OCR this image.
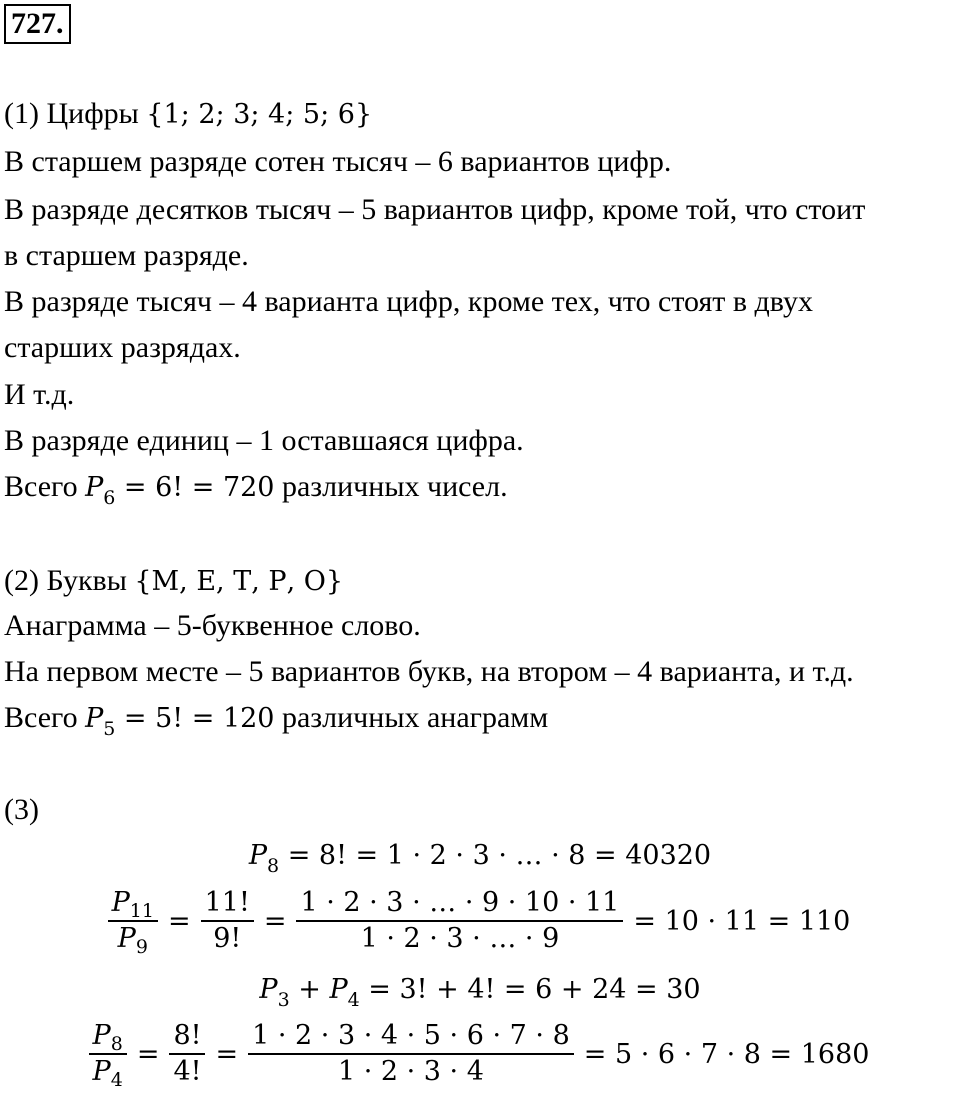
727.
(1) Цифры {1; 2; 3; 4; 5; 6}
В старшем разряде сотен тысяч – 6 вариантов цифр.
В разряде десятков тысяч – 5 вариантов цифр, кроме той, что стоит
в старшем разряде.
В разряде тысяч – 4 варианта цифр, кроме тех, что стоят в двух
старших разрядах.
И т.д.
В разряде единиц – 1 оставшаяся цифра.
Всего $P_6 = 6$! = 720 различных чисел.
(2) Буквы {М, Е, Т, Р, О}
Анаграмма – 5-буквенное слово.
На первом месте – 5 вариантов букв, на втором – 4 варианта, и т.д.
Всего $P_5 = 5$! = 120 различных анаграмм
(3)
$P_8 = 8$! = 1 · 2 · 3 · … · 8 = 40320
$\frac{P 11}{P 9} = \frac{11!}{9!} = \frac{1 \cdot 2 \cdot 3 \cdot \dots \cdot 9 \cdot 10 \cdot 11}{1 \cdot 2 \cdot 3 \cdot \dots \cdot 9} = 10 \cdot 11 = 110$
$P_3 + P_4 = 3$! + 4! = 6 + 24 = 30
$\frac{P 8}{P 4} = \frac{8!}{4!} = \frac{1 \cdot 2 \cdot 3 \cdot 4 \cdot 5 \cdot 6 \cdot 7 \cdot 8}{1 \cdot 2 \cdot 3 \cdot 4} = 5 \cdot 6 \cdot 7 \cdot 8 = 1680$
